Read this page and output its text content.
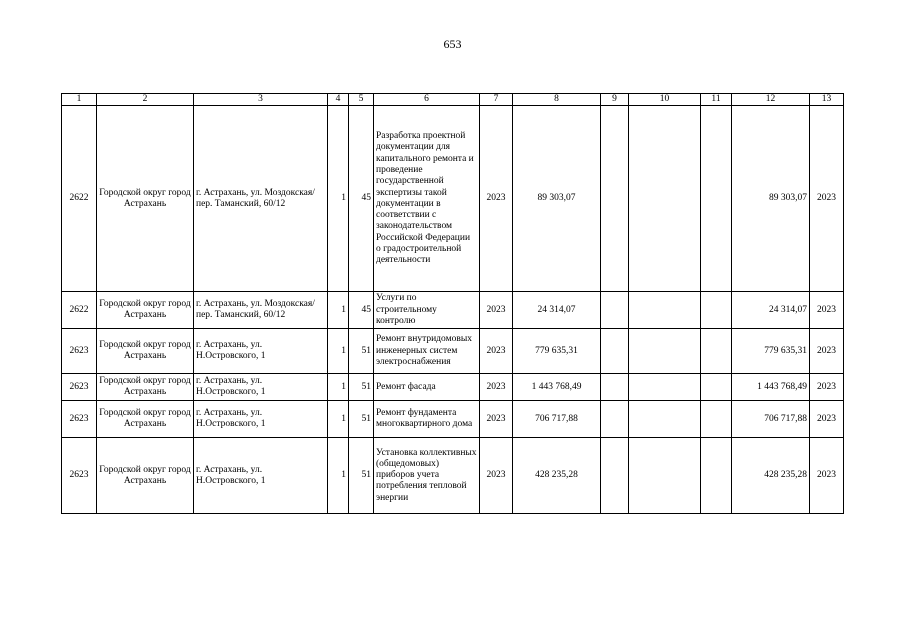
653
1	2	3	4	5	6	7	8	9	10	11	12	13
2622	Городской округ город Астрахань	г. Астрахань, ул. Моздокская/ пер. Таманский, 60/12	1	45	Разработка проектной документации для капитального ремонта и проведение государственной экспертизы такой документации в соответствии с законодательством Российской Федерации о градостроительной деятельности	2023	89 303,07				89 303,07	2023
2622	Городской округ город Астрахань	г. Астрахань, ул. Моздокская/ пер. Таманский, 60/12	1	45	Услуги по строительному контролю	2023	24 314,07				24 314,07	2023
2623	Городской округ город Астрахань	г. Астрахань, ул. Н.Островского, 1	1	51	Ремонт внутридомовых инженерных систем электроснабжения	2023	779 635,31				779 635,31	2023
2623	Городской округ город Астрахань	г. Астрахань, ул. Н.Островского, 1	1	51	Ремонт фасада	2023	1 443 768,49				1 443 768,49	2023
2623	Городской округ город Астрахань	г. Астрахань, ул. Н.Островского, 1	1	51	Ремонт фундамента многоквартирного дома	2023	706 717,88				706 717,88	2023
2623	Городской округ город Астрахань	г. Астрахань, ул. Н.Островского, 1	1	51	Установка коллективных (общедомовых) приборов учета потребления тепловой энергии	2023	428 235,28				428 235,28	2023
